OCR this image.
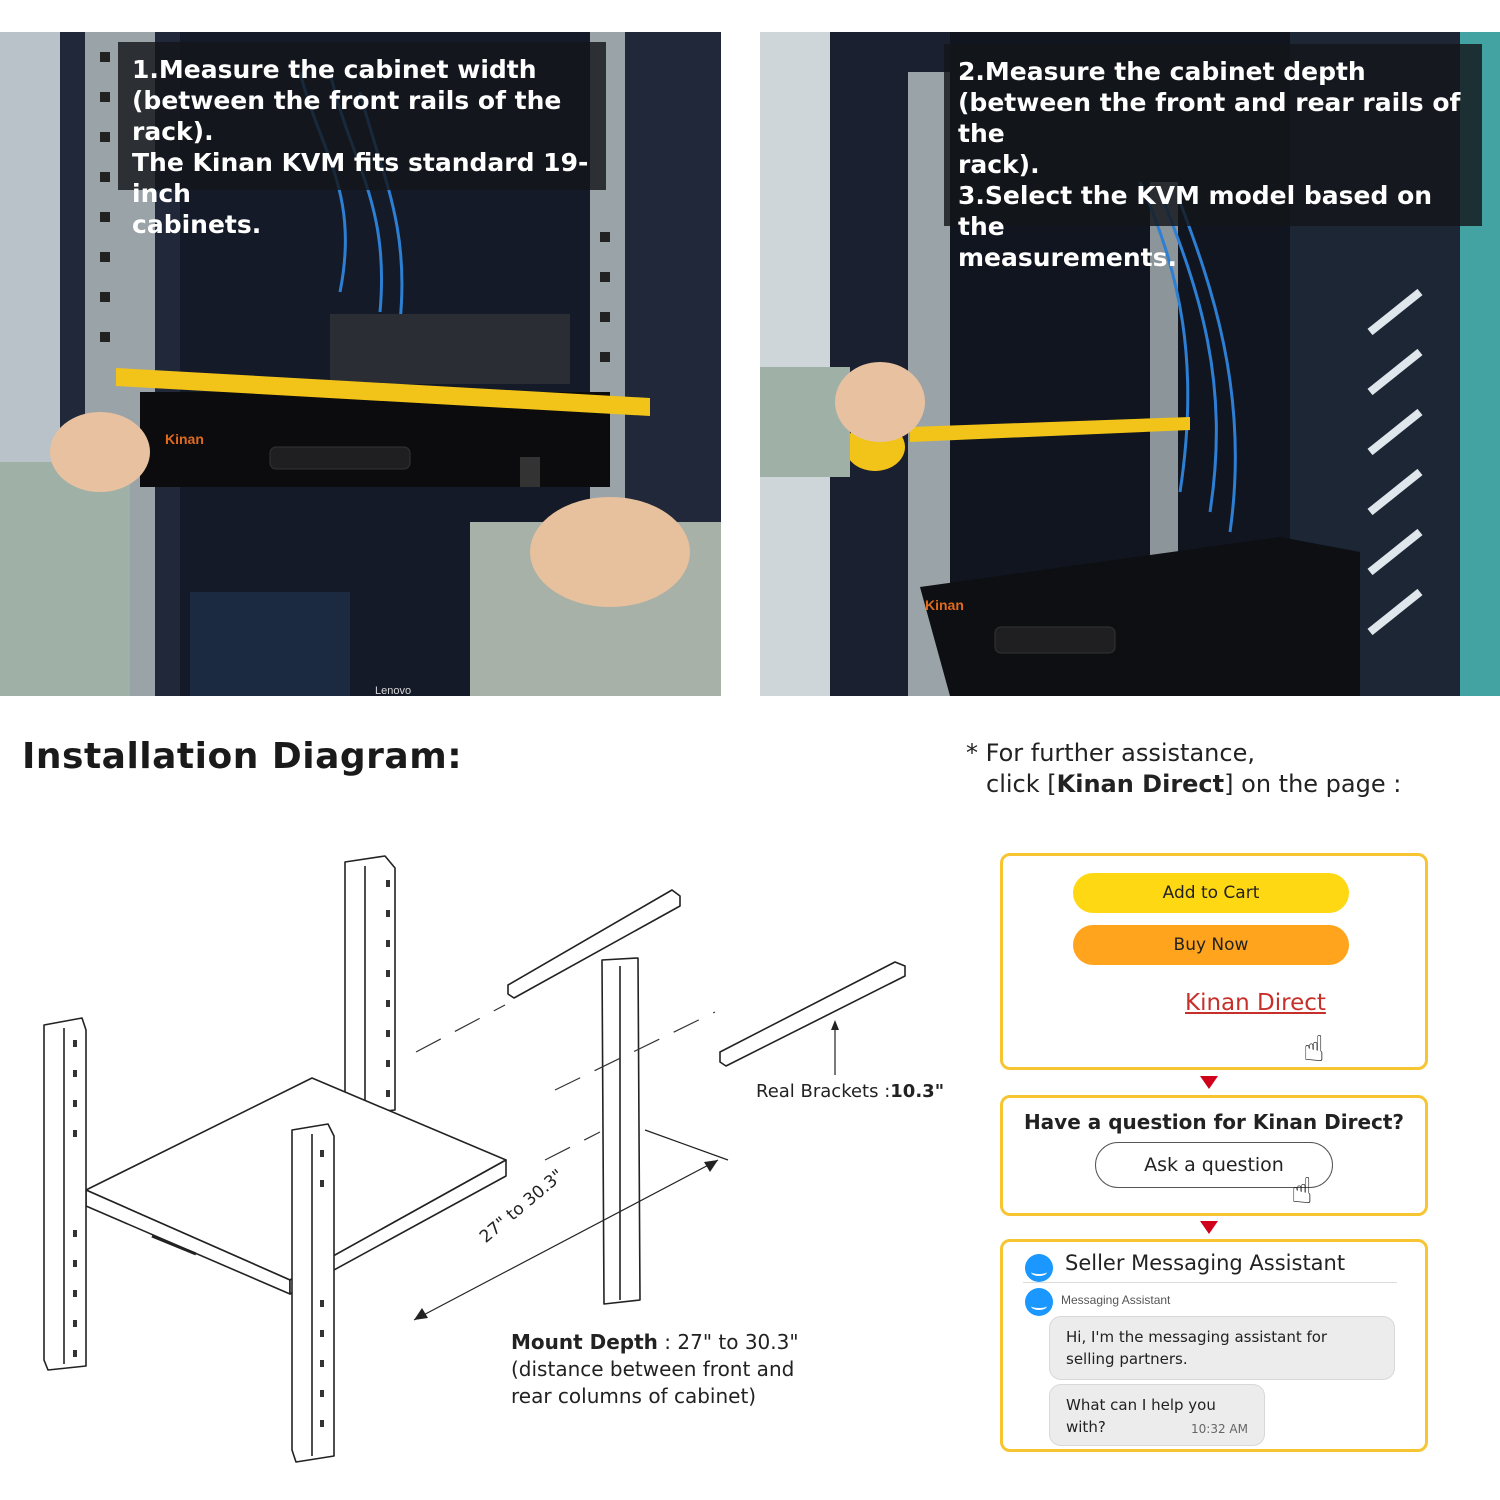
Kinan
Lenovo
1.Measure the cabinet width
(between the front rails of the rack).
The Kinan KVM fits standard 19-inch
cabinets.
Kinan
2.Measure the cabinet depth
(between the front and rear rails of the
rack).
3.Select the KVM model based on the
measurements.
Installation Diagram:	* For further assistance,
click [Kinan Direct] on the page :
Real Brackets :10.3"
27" to 30.3"
Mount Depth : 27" to 30.3"
(distance between front and rear columns of cabinet)
Add to Cart
Buy Now
Kinan Direct
☝
Have a question for Kinan Direct?
Ask a question
☝
Seller Messaging Assistant
Messaging Assistant
Hi, I'm the messaging assistant for selling partners.
What can I help you with?	10:32 AM
